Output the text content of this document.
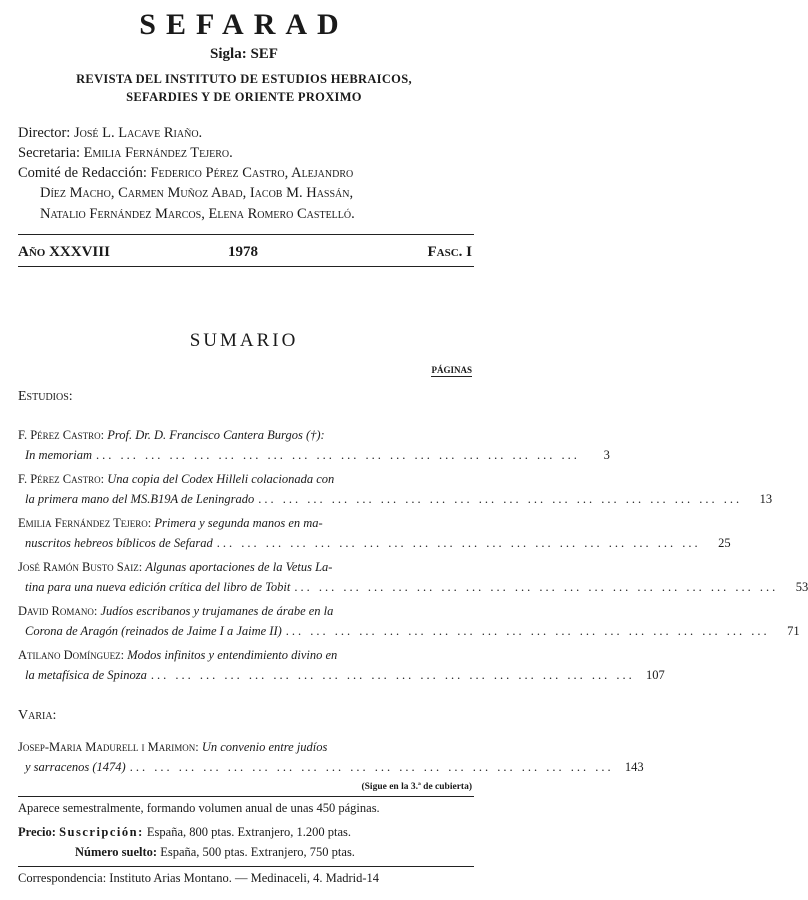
SEFARAD
Sigla: SEF
REVISTA DEL INSTITUTO DE ESTUDIOS HEBRAICOS,
SEFARDIES Y DE ORIENTE PROXIMO
Director: José L. Lacave Riaño.
Secretaria: Emilia Fernández Tejero.
Comité de Redacción: Federico Pérez Castro, Alejandro
Díez Macho, Carmen Muñoz Abad, Iacob M. Hassán,
Natalio Fernández Marcos, Elena Romero Castelló.
Año XXXVIII	1978	Fasc. I
SUMARIO
PÁGINAS
Estudios:
F. Pérez Castro: Prof. Dr. D. Francisco Cantera Burgos (†):
In memoriam ... ... ... ... ... ... ... ... ... ... ... ... ... ... ... ... ... ... ... ...	3
F. Pérez Castro: Una copia del Codex Hilleli colacionada con
la primera mano del MS.B19A de Leningrado ... ... ... ... ... ... ... ... ... ... ... ... ... ... ... ... ... ... ... ...	13
Emilia Fernández Tejero: Primera y segunda manos en ma-
nuscritos hebreos bíblicos de Sefarad ... ... ... ... ... ... ... ... ... ... ... ... ... ... ... ... ... ... ... ...	25
José Ramón Busto Saiz: Algunas aportaciones de la Vetus La-
tina para una nueva edición crítica del libro de Tobit ... ... ... ... ... ... ... ... ... ... ... ... ... ... ... ... ... ... ... ...	53
David Romano: Judíos escribanos y trujamanes de árabe en la
Corona de Aragón (reinados de Jaime I a Jaime II) ... ... ... ... ... ... ... ... ... ... ... ... ... ... ... ... ... ... ... ...	71
Atilano Domínguez: Modos infinitos y entendimiento divino en
la metafísica de Spinoza ... ... ... ... ... ... ... ... ... ... ... ... ... ... ... ... ... ... ... ... 107
Varia:
Josep-Maria Madurell i Marimon: Un convenio entre judíos
y sarracenos (1474) ... ... ... ... ... ... ... ... ... ... ... ... ... ... ... ... ... ... ... ... 143
(Sigue en la 3.ª de cubierta)
Aparece semestralmente, formando volumen anual de unas 450 páginas.
Precio: Suscripción: España, 800 ptas. Extranjero, 1.200 ptas.
Número suelto: España, 500 ptas. Extranjero, 750 ptas.
Correspondencia: Instituto Arias Montano. — Medinaceli, 4. Madrid-14
